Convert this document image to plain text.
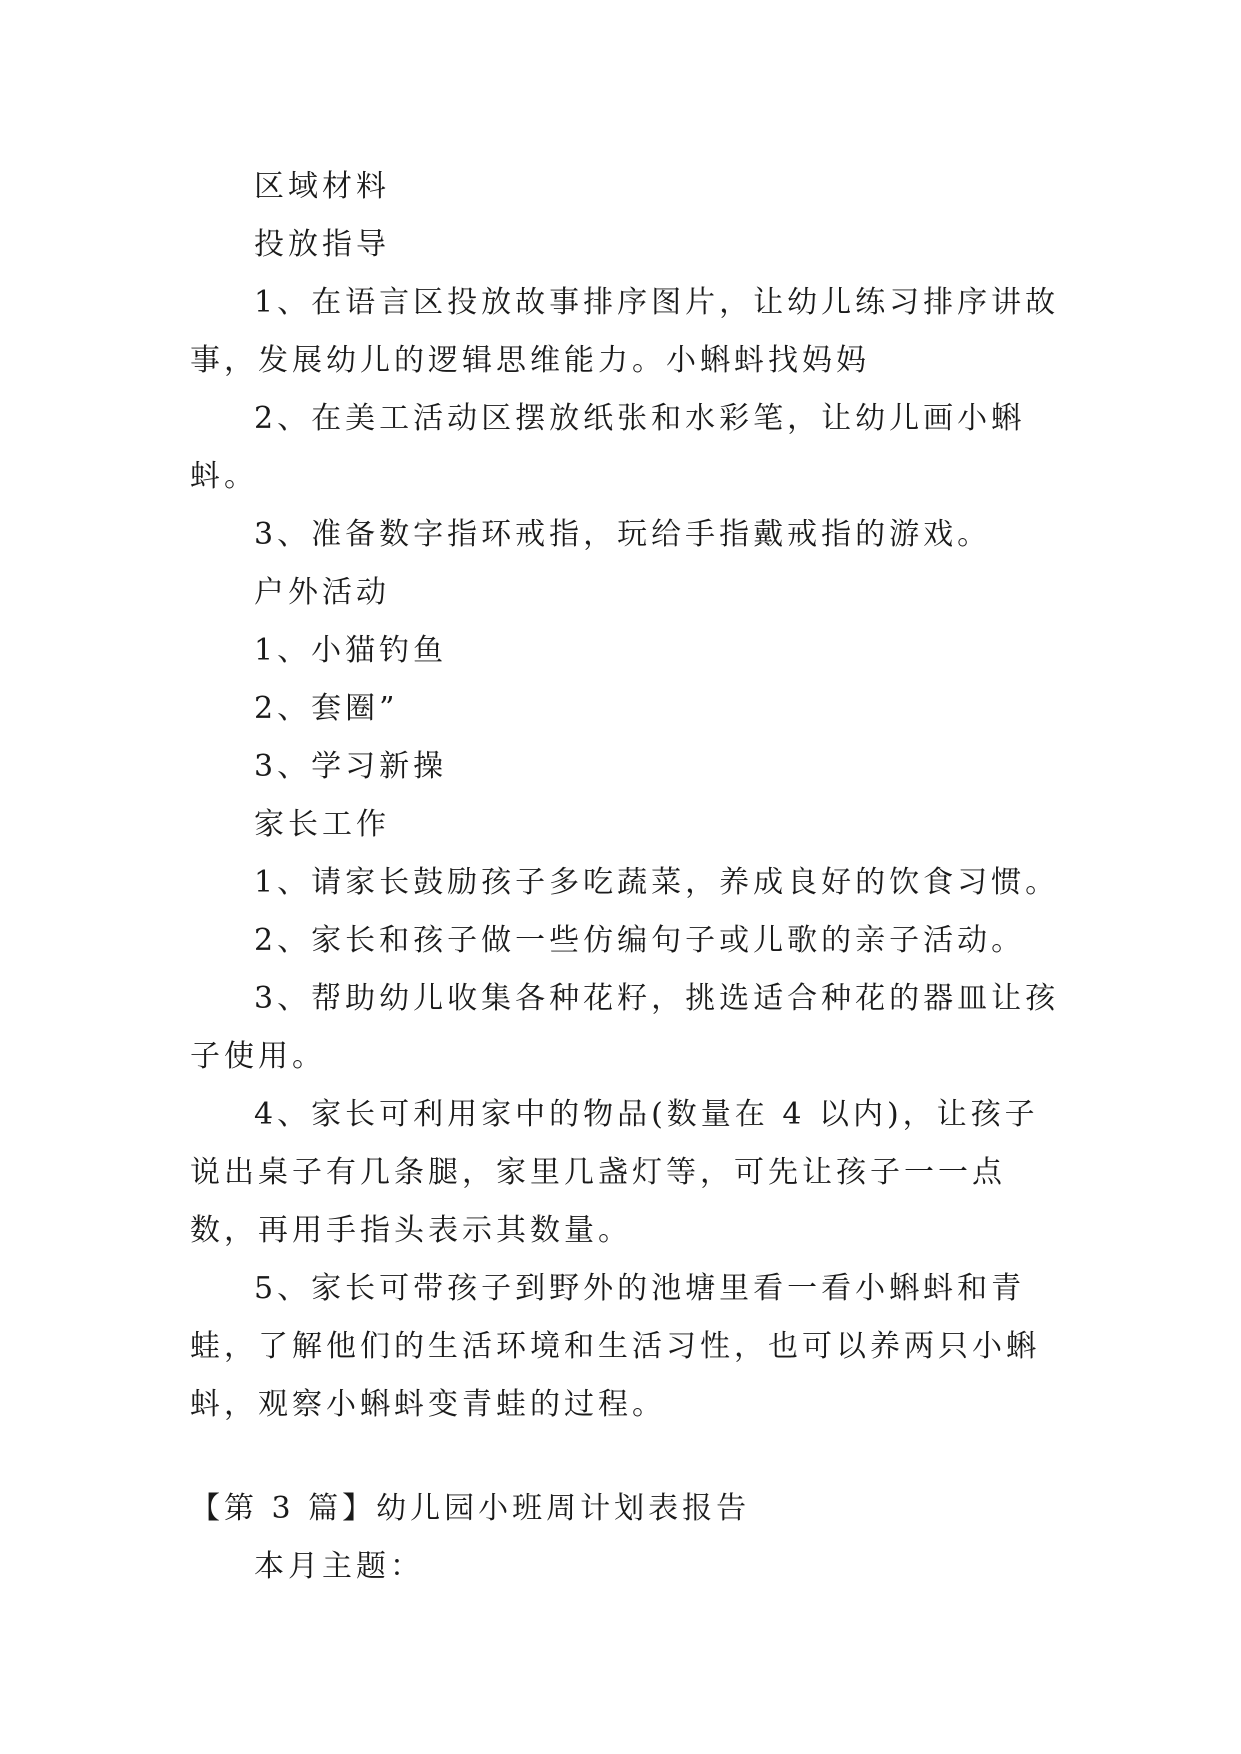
区域材料

投放指导

1、在语言区投放故事排序图片，让幼儿练习排序讲故事，发展幼儿的逻辑思维能力。小蝌蚪找妈妈

2、在美工活动区摆放纸张和水彩笔，让幼儿画小蝌蚪。

3、准备数字指环戒指，玩给手指戴戒指的游戏。

户外活动

1、小猫钓鱼

2、套圈”

3、学习新操

家长工作

1、请家长鼓励孩子多吃蔬菜，养成良好的饮食习惯。

2、家长和孩子做一些仿编句子或儿歌的亲子活动。

3、帮助幼儿收集各种花籽，挑选适合种花的器皿让孩子使用。

4、家长可利用家中的物品(数量在 4 以内)，让孩子说出桌子有几条腿，家里几盏灯等，可先让孩子一一点数，再用手指头表示其数量。

5、家长可带孩子到野外的池塘里看一看小蝌蚪和青蛙，了解他们的生活环境和生活习性，也可以养两只小蝌蚪，观察小蝌蚪变青蛙的过程。

【第 3 篇】幼儿园小班周计划表报告

本月主题：
